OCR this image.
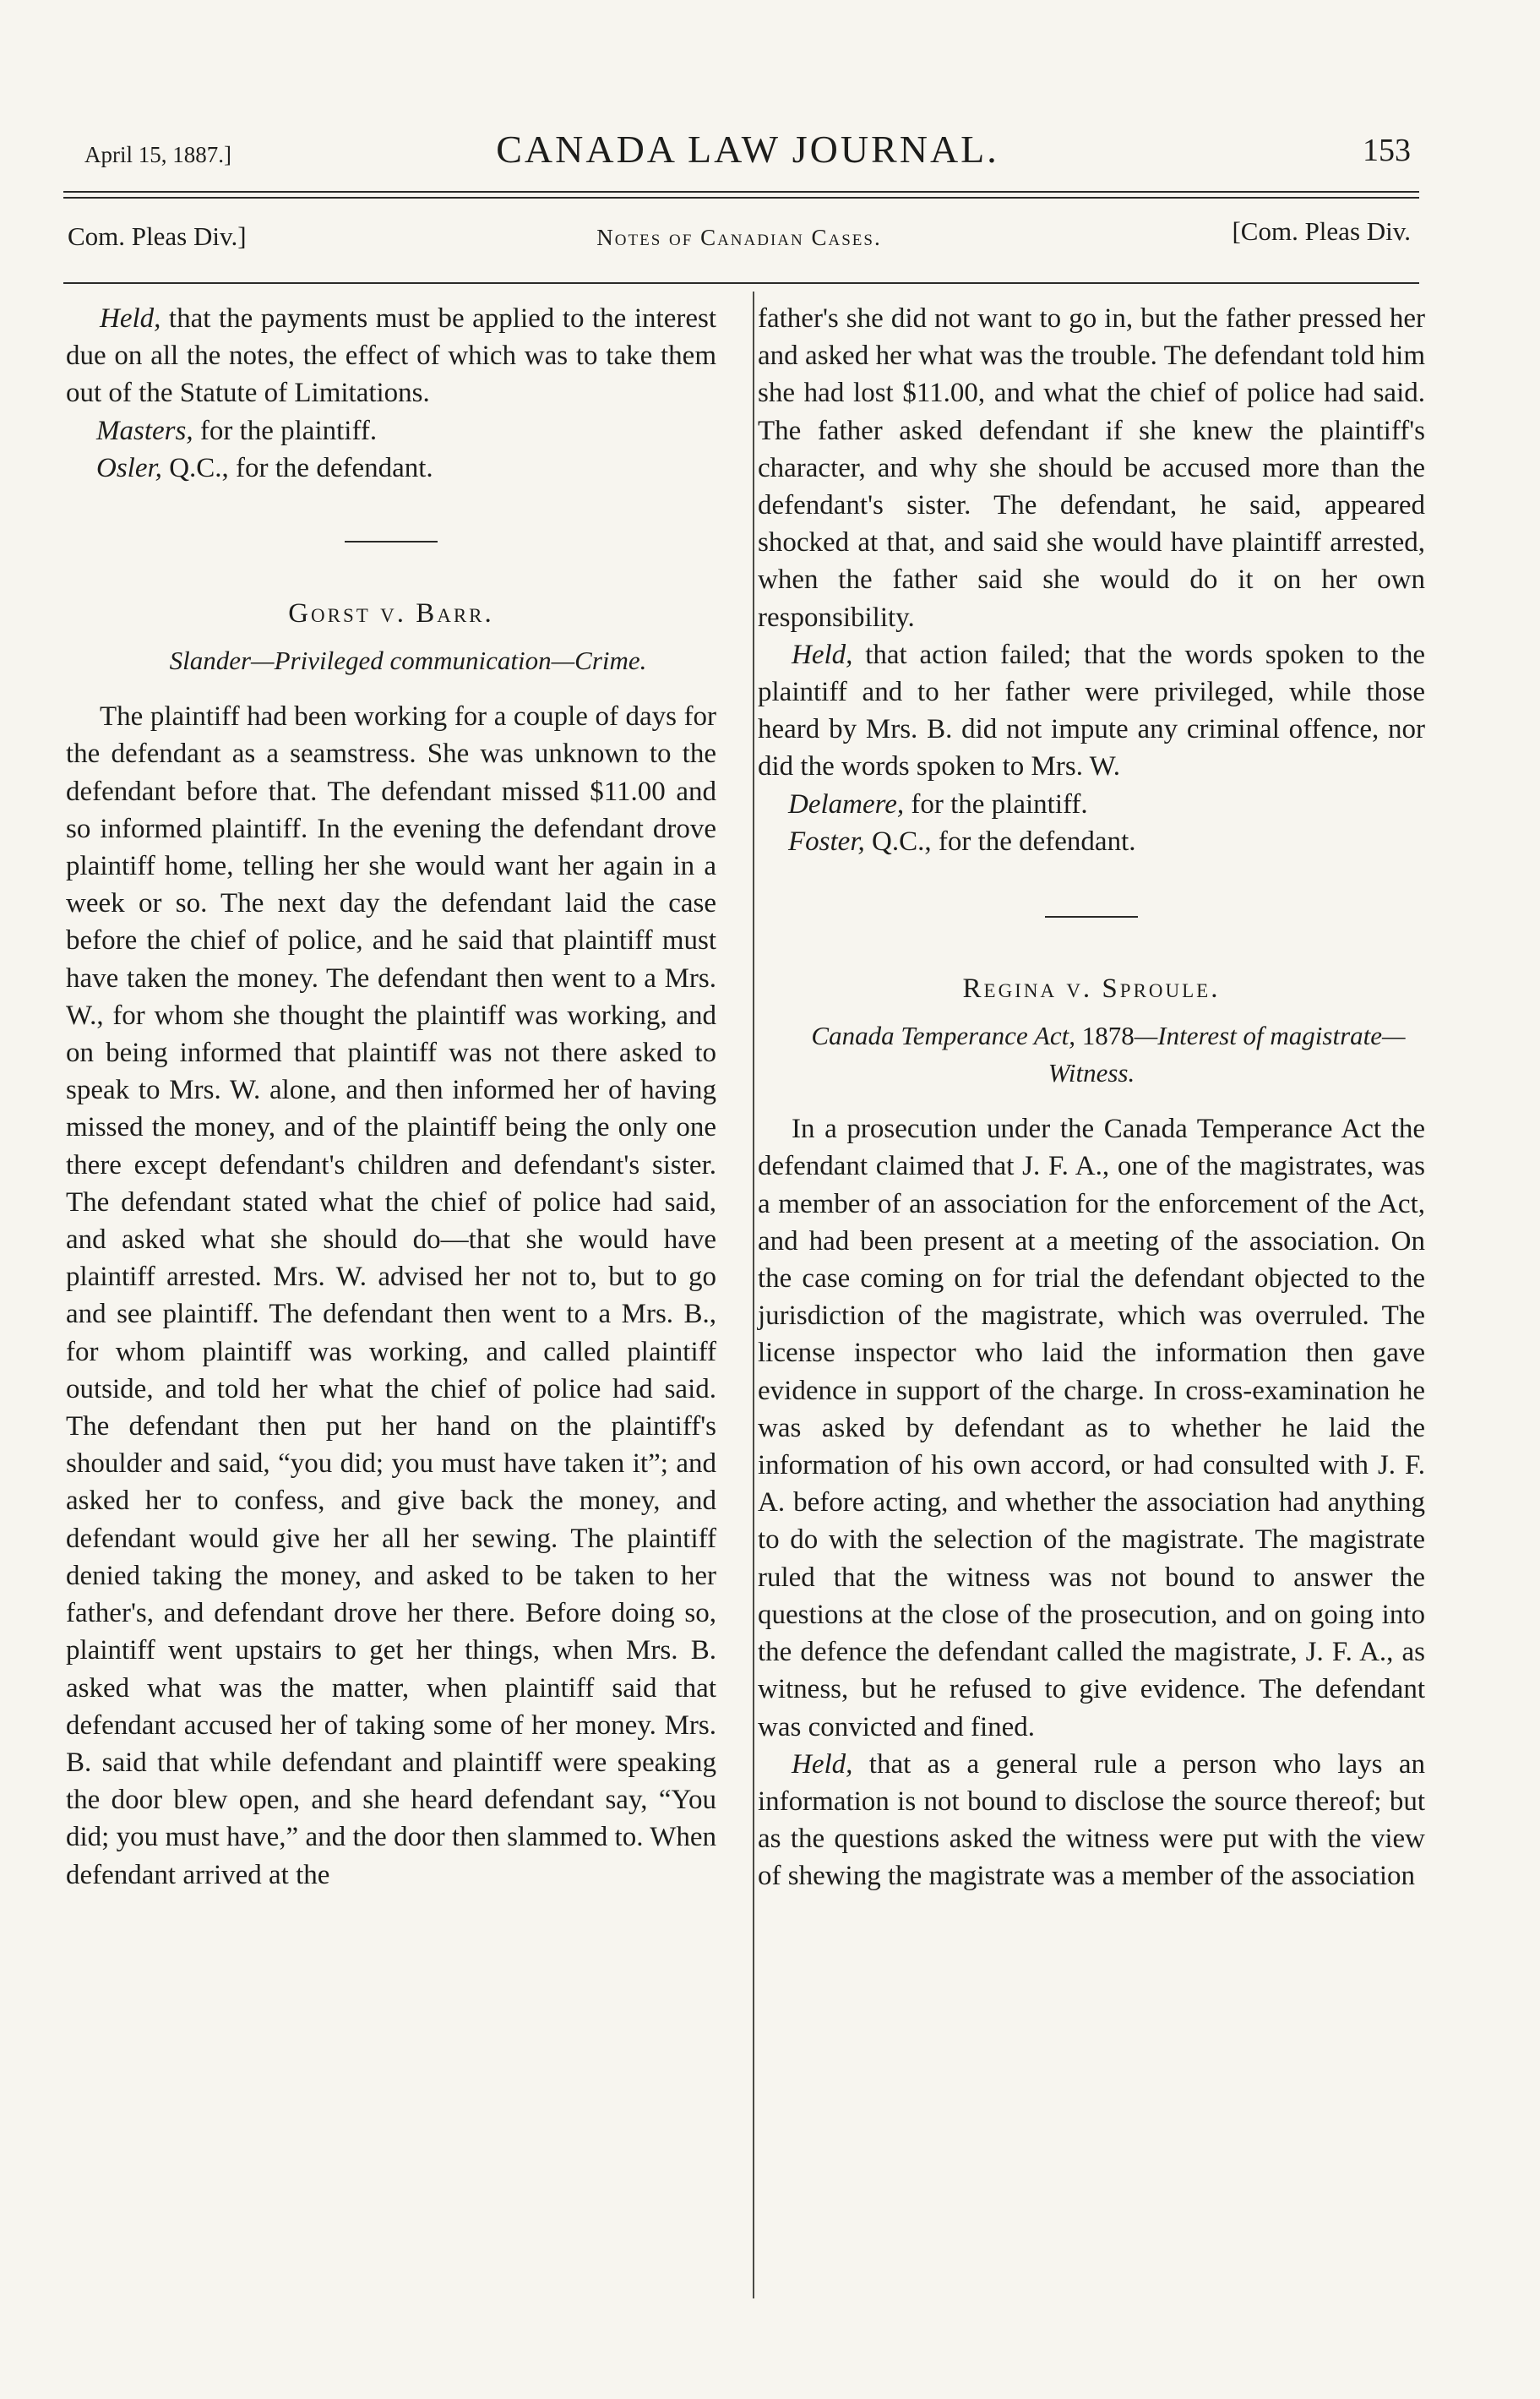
April 15, 1887.]	CANADA LAW JOURNAL.	153
Com. Pleas Div.]	Notes of Canadian Cases.	[Com. Pleas Div.

Held, that the payments must be applied to the interest due on all the notes, the effect of which was to take them out of the Statute of Limitations.

Masters, for the plaintiff.

Osler, Q.C., for the defendant.

Gorst v. Barr.

Slander—Privileged communication—Crime.

The plaintiff had been working for a couple of days for the defendant as a seamstress. She was unknown to the defendant before that. The defendant missed $11.00 and so informed plaintiff. In the evening the defendant drove plaintiff home, telling her she would want her again in a week or so. The next day the defendant laid the case before the chief of police, and he said that plaintiff must have taken the money. The defendant then went to a Mrs. W., for whom she thought the plaintiff was working, and on being informed that plaintiff was not there asked to speak to Mrs. W. alone, and then informed her of having missed the money, and of the plaintiff being the only one there except defendant's children and defendant's sister. The defendant stated what the chief of police had said, and asked what she should do—that she would have plaintiff arrested. Mrs. W. advised her not to, but to go and see plaintiff. The defendant then went to a Mrs. B., for whom plaintiff was working, and called plaintiff outside, and told her what the chief of police had said. The defendant then put her hand on the plaintiff's shoulder and said, “you did; you must have taken it”; and asked her to confess, and give back the money, and defendant would give her all her sewing. The plaintiff denied taking the money, and asked to be taken to her father's, and defendant drove her there. Before doing so, plaintiff went upstairs to get her things, when Mrs. B. asked what was the matter, when plaintiff said that defendant accused her of taking some of her money. Mrs. B. said that while defendant and plaintiff were speaking the door blew open, and she heard defendant say, “You did; you must have,” and the door then slammed to. When defendant arrived at the

father's she did not want to go in, but the father pressed her and asked her what was the trouble. The defendant told him she had lost $11.00, and what the chief of police had said. The father asked defendant if she knew the plaintiff's character, and why she should be accused more than the defendant's sister. The defendant, he said, appeared shocked at that, and said she would have plaintiff arrested, when the father said she would do it on her own responsibility.

Held, that action failed; that the words spoken to the plaintiff and to her father were privileged, while those heard by Mrs. B. did not impute any criminal offence, nor did the words spoken to Mrs. W.

Delamere, for the plaintiff.

Foster, Q.C., for the defendant.

Regina v. Sproule.

Canada Temperance Act, 1878—Interest of magistrate—Witness.

In a prosecution under the Canada Temperance Act the defendant claimed that J. F. A., one of the magistrates, was a member of an association for the enforcement of the Act, and had been present at a meeting of the association. On the case coming on for trial the defendant objected to the jurisdiction of the magistrate, which was overruled. The license inspector who laid the information then gave evidence in support of the charge. In cross-examination he was asked by defendant as to whether he laid the information of his own accord, or had consulted with J. F. A. before acting, and whether the association had anything to do with the selection of the magistrate. The magistrate ruled that the witness was not bound to answer the questions at the close of the prosecution, and on going into the defence the defendant called the magistrate, J. F. A., as witness, but he refused to give evidence. The defendant was convicted and fined.

Held, that as a general rule a person who lays an information is not bound to disclose the source thereof; but as the questions asked the witness were put with the view of shewing the magistrate was a member of the association
